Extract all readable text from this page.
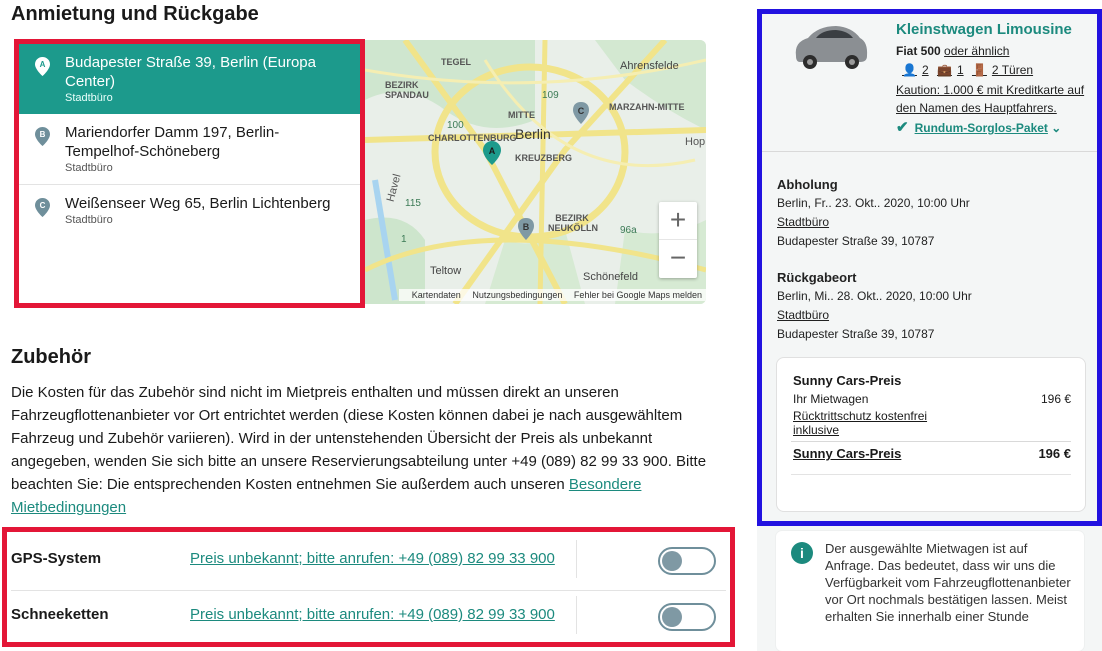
Anmietung und Rückgabe
A Budapester Straße 39, Berlin (Europa Center)
Stadtbüro
B Mariendorfer Damm 197, Berlin-Tempelhof-Schöneberg
Stadtbüro
C Weißenseer Weg 65, Berlin Lichtenberg
Stadtbüro
A
B
C
TEGEL	Ahrensfelde
BEZIRK SPANDAU
MITTE
MARZAHN-MITTE
CHARLOTTENBURG
Berlin	Hop
KREUZBERG
Havel
BEZIRK NEUKÖLLN
Teltow	Schönefeld
109
100
115
96a
1
+
−
Kartendaten Nutzungsbedingungen Fehler bei Google Maps melden
Zubehör
Die Kosten für das Zubehör sind nicht im Mietpreis enthalten und müssen direkt an unseren Fahrzeugflottenanbieter vor Ort entrichtet werden (diese Kosten können dabei je nach ausgewähltem Fahrzeug und Zubehör variieren). Wird in der untenstehenden Übersicht der Preis als unbekannt angegeben, wenden Sie sich bitte an unsere Reservierungsabteilung unter +49 (089) 82 99 33 900. Bitte beachten Sie: Die entsprechenden Kosten entnehmen Sie außerdem auch unseren Besondere Mietbedingungen
GPS-System	Preis unbekannt; bitte anrufen: +49 (089) 82 99 33 900
Schneeketten	Preis unbekannt; bitte anrufen: +49 (089) 82 99 33 900
Kleinstwagen Limousine
Fiat 500 oder ähnlich
👤 2 💼 1 🚪 2 Türen
Kaution: 1.000 € mit Kreditkarte auf den Namen des Hauptfahrers.
✔ Rundum-Sorglos-Paket ⌄
Abholung
Berlin, Fr.. 23. Okt.. 2020, 10:00 Uhr
Stadtbüro
Budapester Straße 39, 10787
Rückgabeort
Berlin, Mi.. 28. Okt.. 2020, 10:00 Uhr
Stadtbüro
Budapester Straße 39, 10787
Sunny Cars-Preis
Ihr Mietwagen	196 €
Rücktrittschutz kostenfrei inklusive
Sunny Cars-Preis	196 €
i	Der ausgewählte Mietwagen ist auf Anfrage. Das bedeutet, dass wir uns die Verfügbarkeit vom Fahrzeugflottenanbieter vor Ort nochmals bestätigen lassen. Meist erhalten Sie innerhalb einer Stunde
